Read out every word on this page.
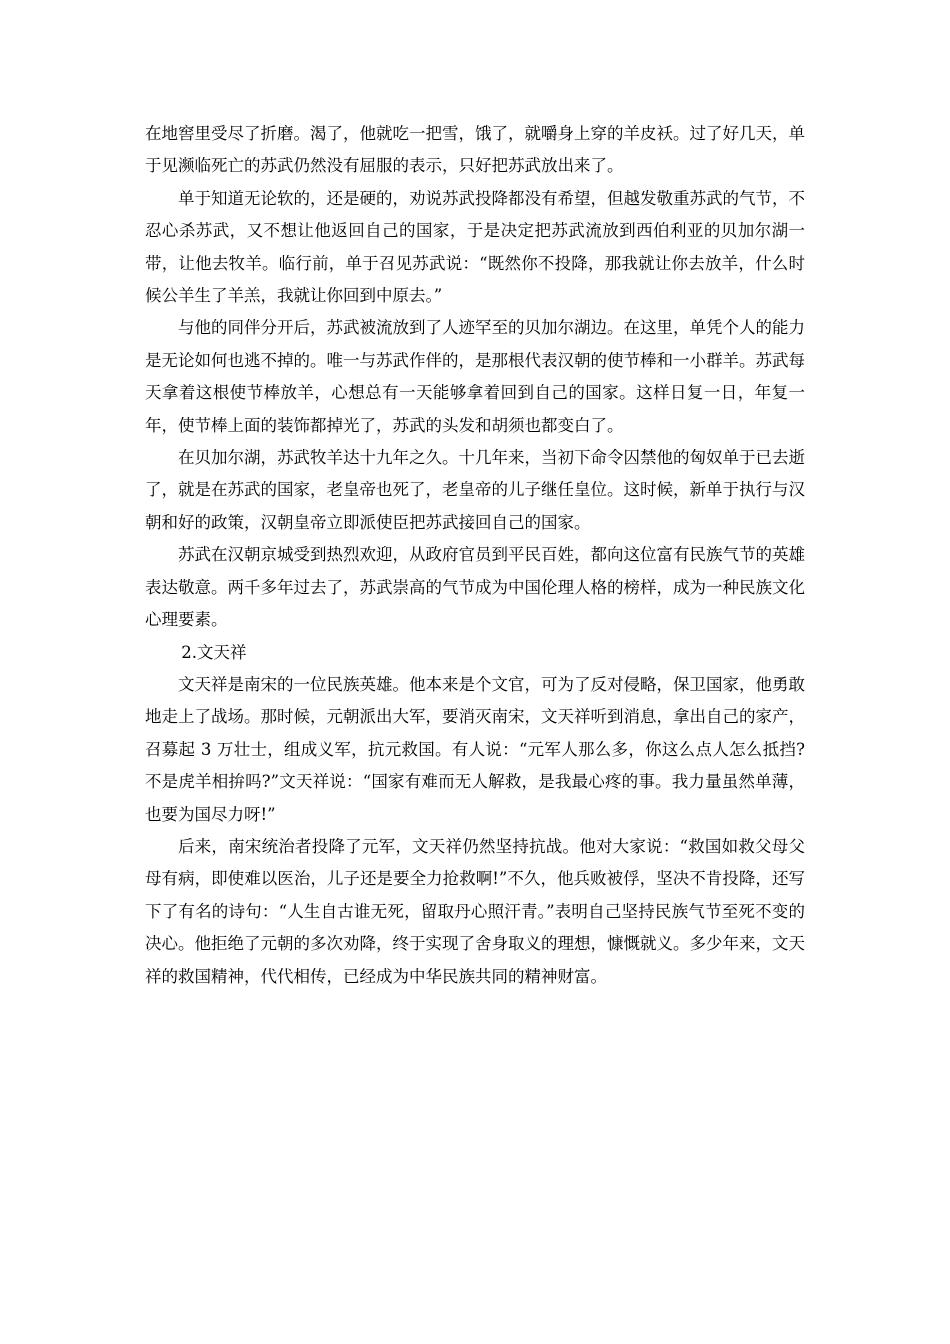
在地窖里受尽了折磨。渴了，他就吃一把雪，饿了，就嚼身上穿的羊皮袄。过了好几天，单于见濒临死亡的苏武仍然没有屈服的表示，只好把苏武放出来了。

单于知道无论软的，还是硬的，劝说苏武投降都没有希望，但越发敬重苏武的气节，不忍心杀苏武，又不想让他返回自己的国家，于是决定把苏武流放到西伯利亚的贝加尔湖一带，让他去牧羊。临行前，单于召见苏武说：“既然你不投降，那我就让你去放羊，什么时候公羊生了羊羔，我就让你回到中原去。”

与他的同伴分开后，苏武被流放到了人迹罕至的贝加尔湖边。在这里，单凭个人的能力是无论如何也逃不掉的。唯一与苏武作伴的，是那根代表汉朝的使节棒和一小群羊。苏武每天拿着这根使节棒放羊，心想总有一天能够拿着回到自己的国家。这样日复一日，年复一年，使节棒上面的装饰都掉光了，苏武的头发和胡须也都变白了。

在贝加尔湖，苏武牧羊达十九年之久。十几年来，当初下命令囚禁他的匈奴单于已去逝了，就是在苏武的国家，老皇帝也死了，老皇帝的儿子继任皇位。这时候，新单于执行与汉朝和好的政策，汉朝皇帝立即派使臣把苏武接回自己的国家。

苏武在汉朝京城受到热烈欢迎，从政府官员到平民百姓，都向这位富有民族气节的英雄表达敬意。两千多年过去了，苏武崇高的气节成为中国伦理人格的榜样，成为一种民族文化心理要素。

2.文天祥

文天祥是南宋的一位民族英雄。他本来是个文官，可为了反对侵略，保卫国家，他勇敢地走上了战场。那时候，元朝派出大军，要消灭南宋，文天祥听到消息，拿出自己的家产，召募起 3 万壮士，组成义军，抗元救国。有人说：“元军人那么多，你这么点人怎么抵挡?不是虎羊相拚吗?”文天祥说：“国家有难而无人解救，是我最心疼的事。我力量虽然单薄，也要为国尽力呀!”

后来，南宋统治者投降了元军，文天祥仍然坚持抗战。他对大家说：“救国如救父母父母有病，即使难以医治，儿子还是要全力抢救啊!”不久，他兵败被俘，坚决不肯投降，还写下了有名的诗句：“人生自古谁无死，留取丹心照汗青。”表明自己坚持民族气节至死不变的决心。他拒绝了元朝的多次劝降，终于实现了舍身取义的理想，慷慨就义。多少年来，文天祥的救国精神，代代相传，已经成为中华民族共同的精神财富。
